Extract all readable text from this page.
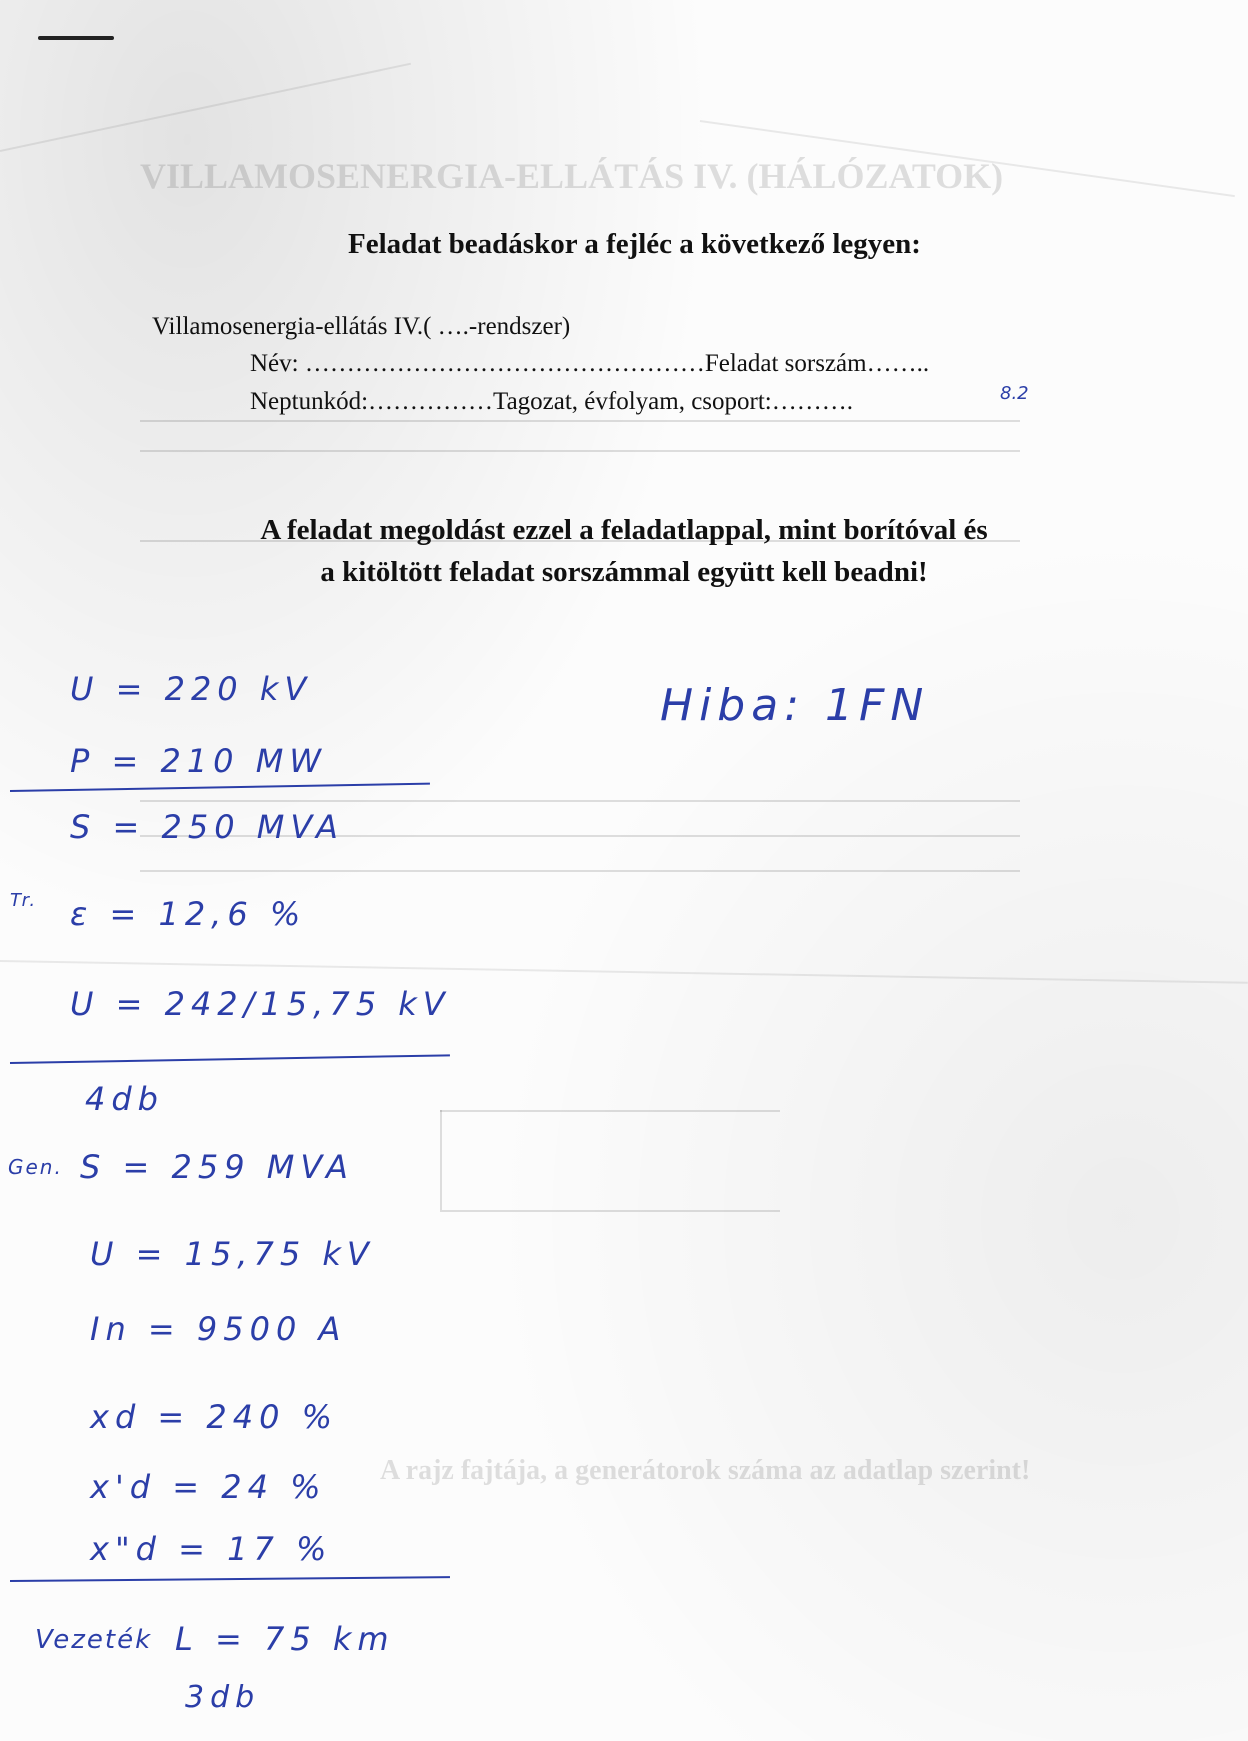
VILLAMOSENERGIA-ELLÁTÁS IV. (HÁLÓZATOK)
A rajz fajtája, a generátorok száma az adatlap szerint!
Feladat beadáskor a fejléc a következő legyen:
Villamosenergia-ellátás IV.( ….-rendszer)
Név: …………………………………………Feladat sorszám……..
Neptunkód:……………Tagozat, évfolyam, csoport:……….	8.2
A feladat megoldást ezzel a feladatlappal, mint borítóval és
a kitöltött feladat sorszámmal együtt kell beadni!
U = 220 kV	Hiba: 1FN
P = 210 MW
S = 250 MVA
Tr. ε = 12,6 %
U = 242/15,75 kV
4db
Gen. S = 259 MVA
U = 15,75 kV
In = 9500 A
xd = 240 %
x'd = 24 %
x"d = 17 %
Vezeték L = 75 km
3db
